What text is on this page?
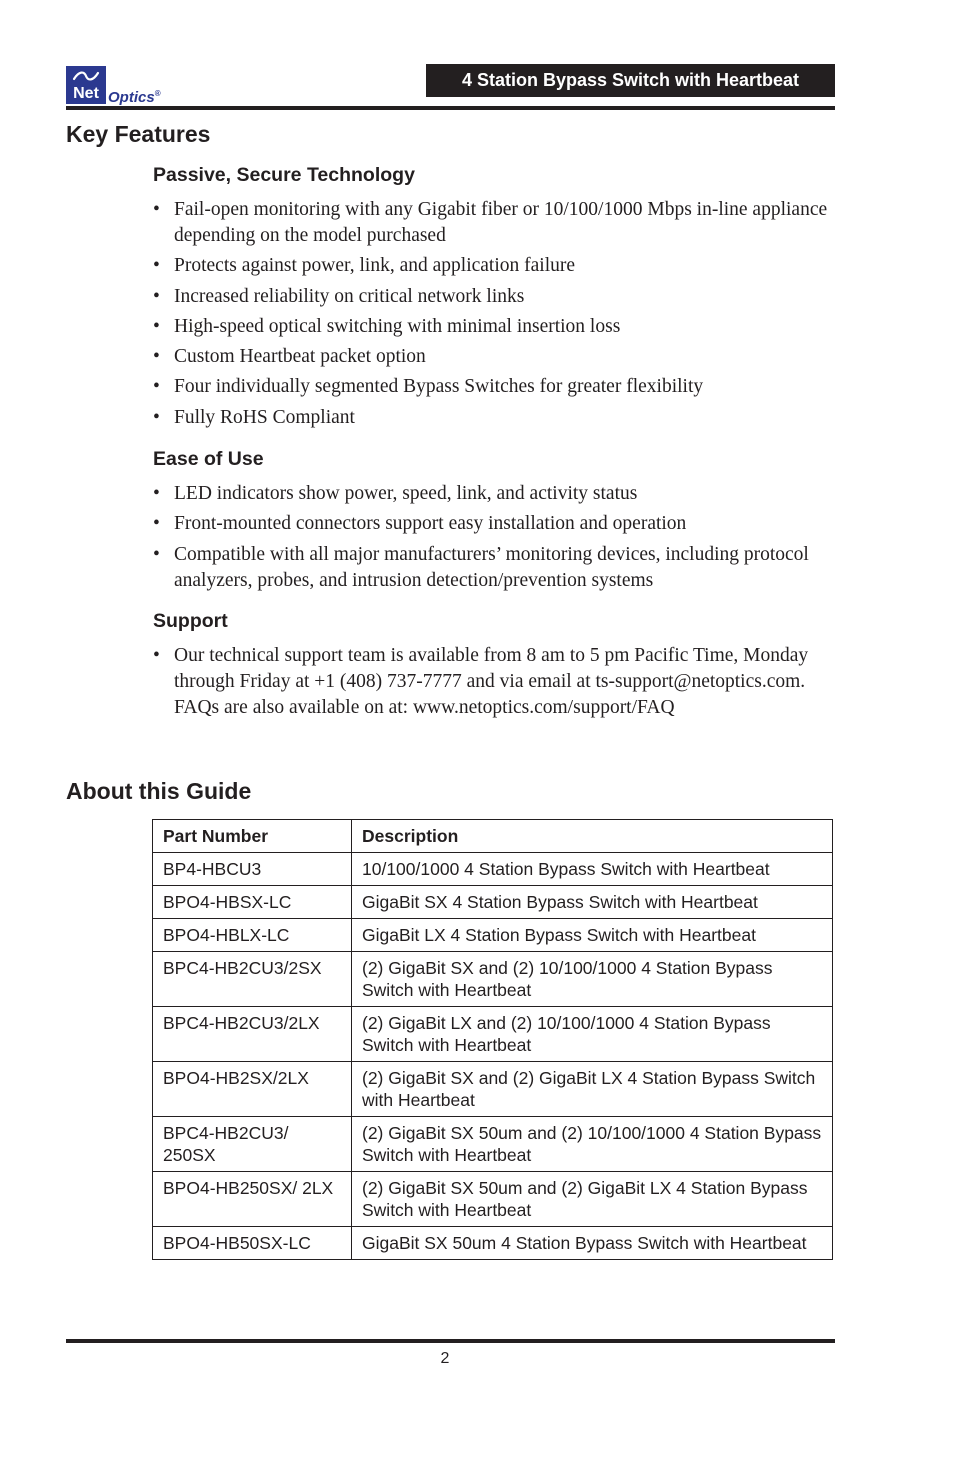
Net Optics®
4 Station Bypass Switch with Heartbeat
Key Features
Passive, Secure Technology
• Fail-open monitoring with any Gigabit fiber or 10/100/1000 Mbps in-line appliance depending on the model purchased
• Protects against power, link, and application failure
• Increased reliability on critical network links
• High-speed optical switching with minimal insertion loss
• Custom Heartbeat packet option
• Four individually segmented Bypass Switches for greater flexibility
• Fully RoHS Compliant
Ease of Use
• LED indicators show power, speed, link, and activity status
• Front-mounted connectors support easy installation and operation
• Compatible with all major manufacturers’ monitoring devices, including protocol analyzers, probes, and intrusion detection/prevention systems
Support
• Our technical support team is available from 8 am to 5 pm Pacific Time, Monday through Friday at +1 (408) 737-7777 and via email at ts-support@netoptics.com. FAQs are also available on at: www.netoptics.com/support/FAQ
About this Guide
Part Number	Description
BP4-HBCU3	10/100/1000 4 Station Bypass Switch with Heartbeat
BPO4-HBSX-LC	GigaBit SX 4 Station Bypass Switch with Heartbeat
BPO4-HBLX-LC	GigaBit LX 4 Station Bypass Switch with Heartbeat
BPC4-HB2CU3/2SX	(2) GigaBit SX and (2) 10/100/1000 4 Station Bypass Switch with Heartbeat
BPC4-HB2CU3/2LX	(2) GigaBit LX and (2) 10/100/1000 4 Station Bypass Switch with Heartbeat
BPO4-HB2SX/2LX	(2) GigaBit SX and (2) GigaBit LX 4 Station Bypass Switch with Heartbeat
BPC4-HB2CU3/ 250SX	(2) GigaBit SX 50um and (2) 10/100/1000 4 Station Bypass Switch with Heartbeat
BPO4-HB250SX/ 2LX	(2) GigaBit SX 50um and (2) GigaBit LX 4 Station Bypass Switch with Heartbeat
BPO4-HB50SX-LC	GigaBit SX 50um 4 Station Bypass Switch with Heartbeat
2
